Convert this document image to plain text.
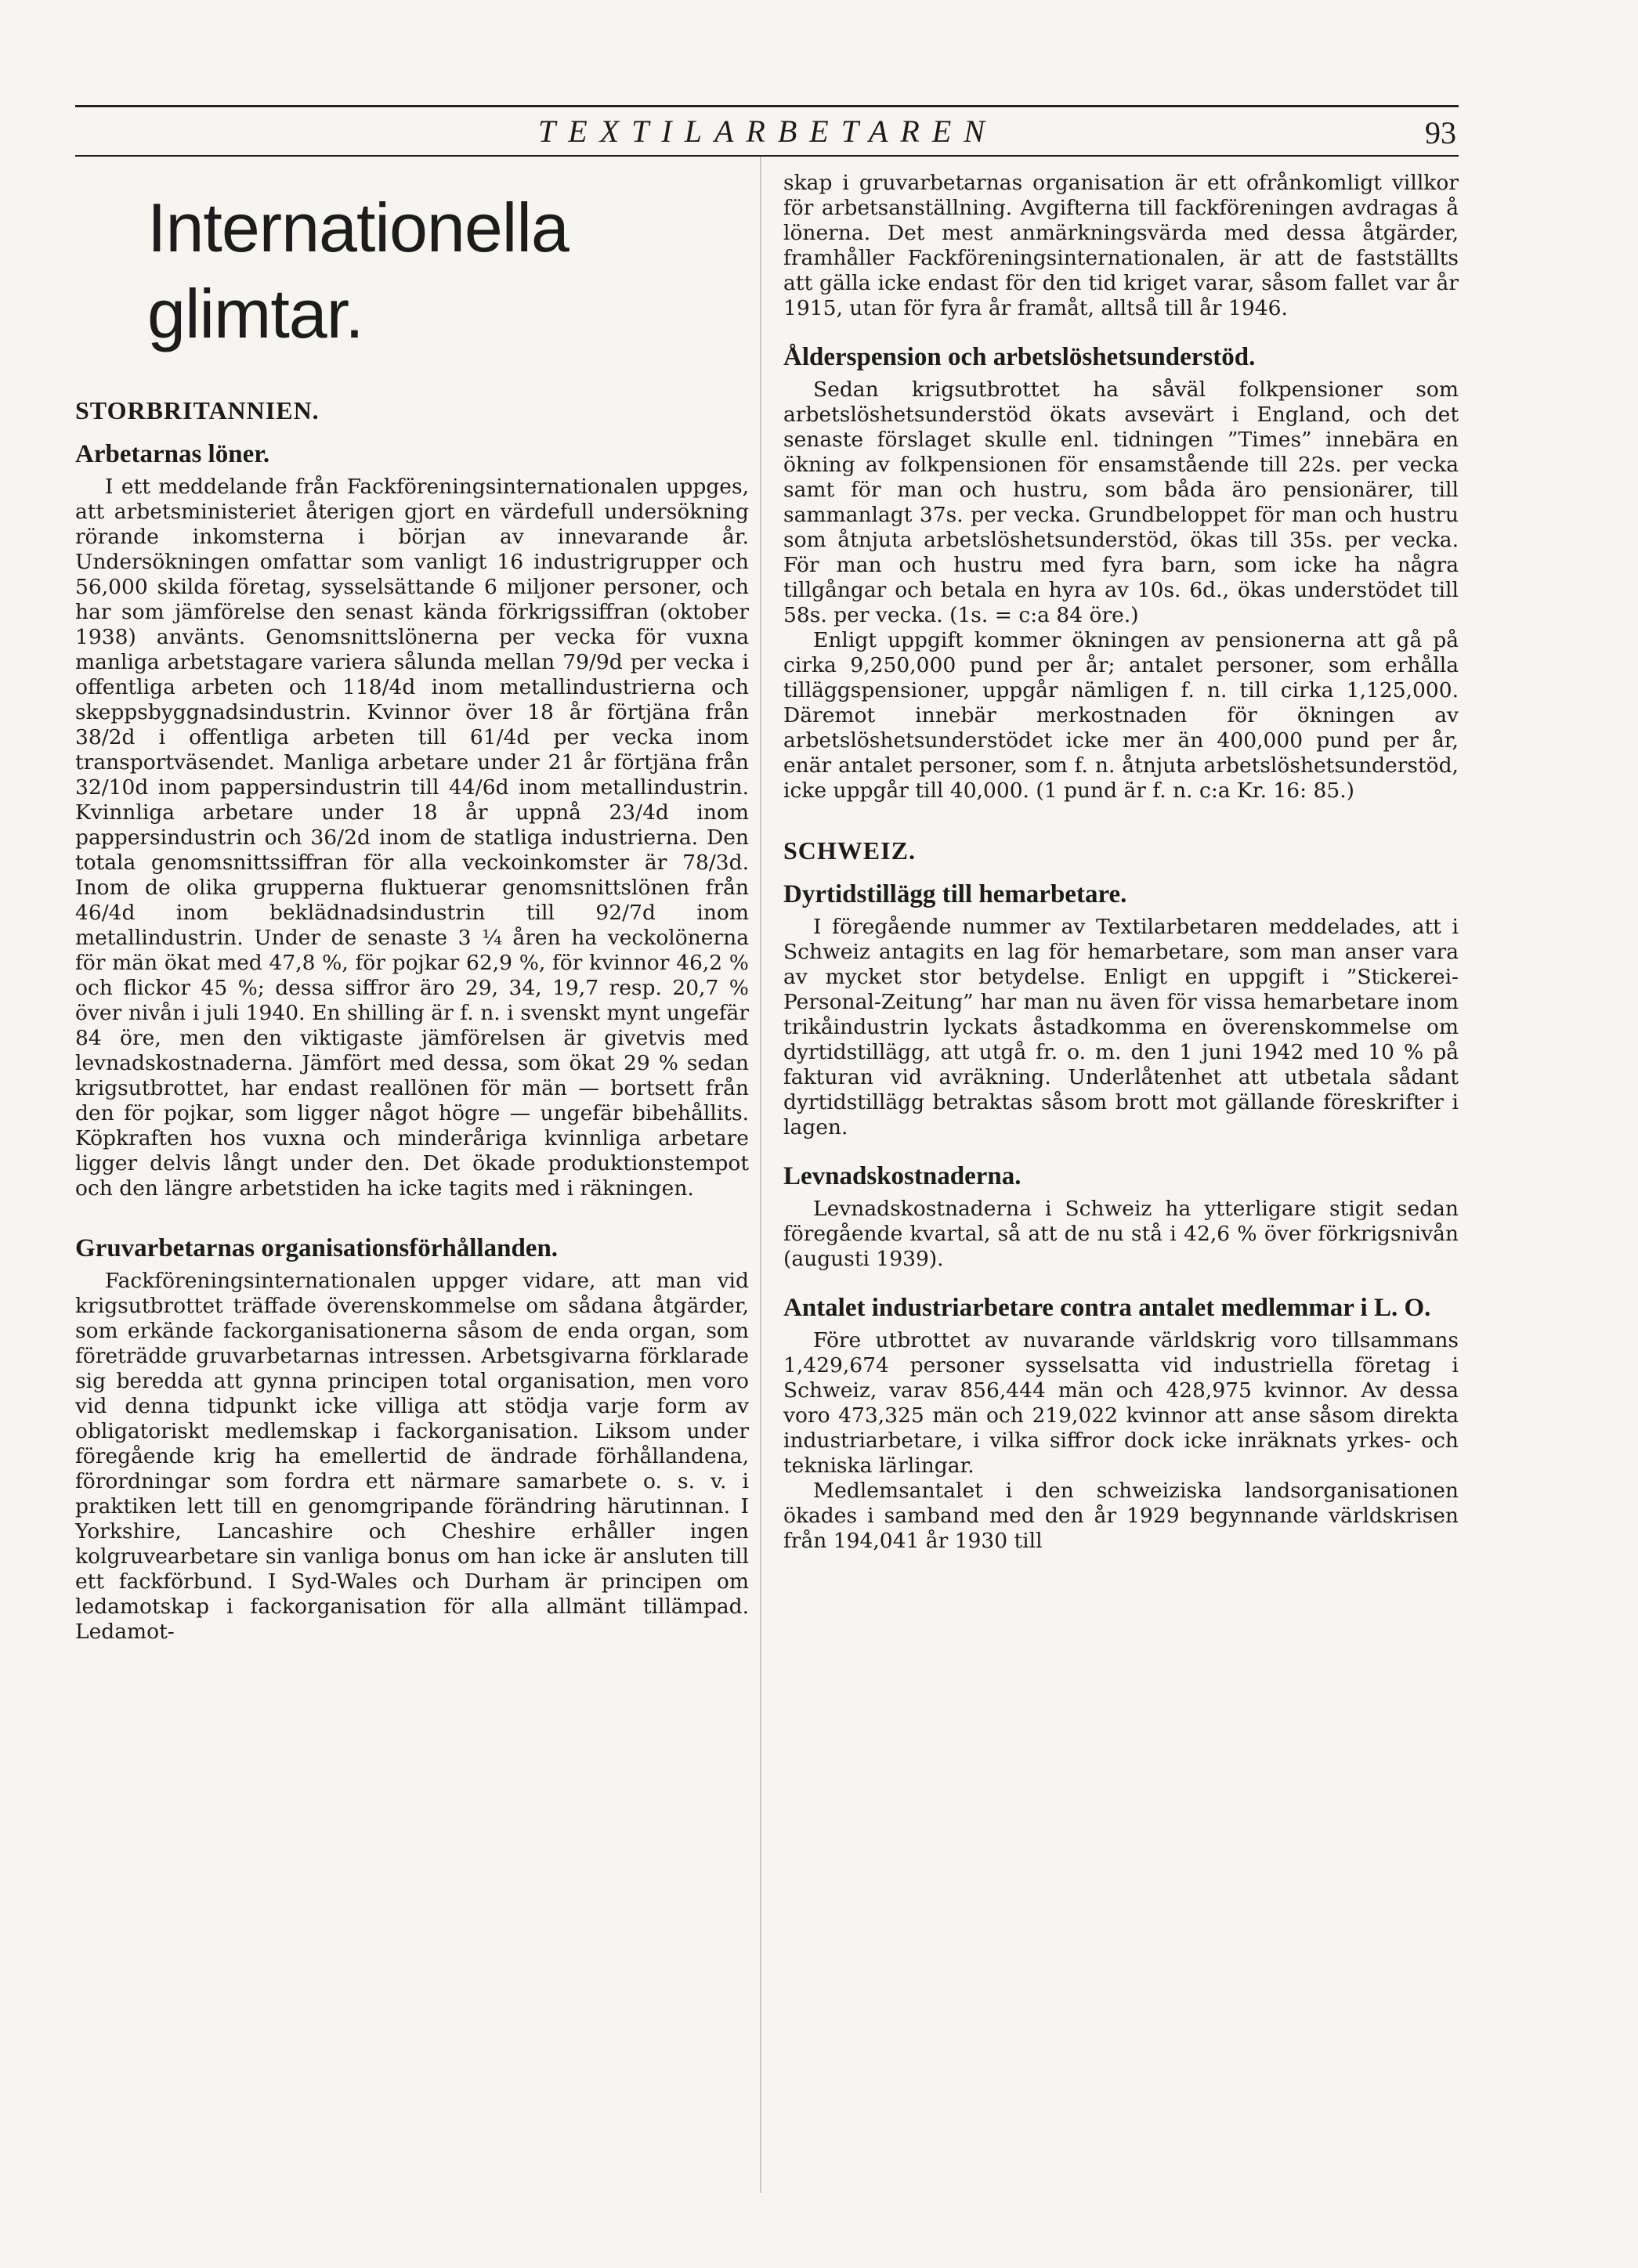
TEXTILARBETAREN	93
Internationella glimtar.
STORBRITANNIEN.
Arbetarnas löner.

I ett meddelande från Fackföreningsinternationalen uppges, att arbetsministeriet återigen gjort en värdefull undersökning rörande inkomsterna i början av innevarande år. Undersökningen omfattar som vanligt 16 industrigrupper och 56,000 skilda företag, sysselsättande 6 miljoner personer, och har som jämförelse den senast kända förkrigssiffran (oktober 1938) använts. Genomsnittslönerna per vecka för vuxna manliga arbetstagare variera sålunda mellan 79/9d per vecka i offentliga arbeten och 118/4d inom metallindustrierna och skeppsbyggnadsindustrin. Kvinnor över 18 år förtjäna från 38/2d i offentliga arbeten till 61/4d per vecka inom transportväsendet. Manliga arbetare under 21 år förtjäna från 32/10d inom pappersindustrin till 44/6d inom metallindustrin. Kvinnliga arbetare under 18 år uppnå 23/4d inom pappersindustrin och 36/2d inom de statliga industrierna. Den totala genomsnittssiffran för alla veckoinkomster är 78/3d. Inom de olika grupperna fluktuerar genomsnittslönen från 46/4d inom beklädnadsindustrin till 92/7d inom metallindustrin. Under de senaste 3 ¼ åren ha veckolönerna för män ökat med 47,8 %, för pojkar 62,9 %, för kvinnor 46,2 % och flickor 45 %; dessa siffror äro 29, 34, 19,7 resp. 20,7 % över nivån i juli 1940. En shilling är f. n. i svenskt mynt ungefär 84 öre, men den viktigaste jämförelsen är givetvis med levnadskostnaderna. Jämfört med dessa, som ökat 29 % sedan krigsutbrottet, har endast reallönen för män — bortsett från den för pojkar, som ligger något högre — ungefär bibehållits. Köpkraften hos vuxna och minderåriga kvinnliga arbetare ligger delvis långt under den. Det ökade produktionstempot och den längre arbetstiden ha icke tagits med i räkningen.

Gruvarbetarnas organisationsförhållanden.

Fackföreningsinternationalen uppger vidare, att man vid krigsutbrottet träffade överenskommelse om sådana åtgärder, som erkände fackorganisationerna såsom de enda organ, som företrädde gruvarbetarnas intressen. Arbetsgivarna förklarade sig beredda att gynna principen total organisation, men voro vid denna tidpunkt icke villiga att stödja varje form av obligatoriskt medlemskap i fackorganisation. Liksom under föregående krig ha emellertid de ändrade förhållandena, förordningar som fordra ett närmare samarbete o. s. v. i praktiken lett till en genomgripande förändring härutinnan. I Yorkshire, Lancashire och Cheshire erhåller ingen kolgruvearbetare sin vanliga bonus om han icke är ansluten till ett fackförbund. I Syd-Wales och Durham är principen om ledamotskap i fackorganisation för alla allmänt tillämpad. Ledamot-

skap i gruvarbetarnas organisation är ett ofrånkomligt villkor för arbetsanställning. Avgifterna till fackföreningen avdragas å lönerna. Det mest anmärkningsvärda med dessa åtgärder, framhåller Fackföreningsinternationalen, är att de fastställts att gälla icke endast för den tid kriget varar, såsom fallet var år 1915, utan för fyra år framåt, alltså till år 1946.

Ålderspension och arbetslöshetsunderstöd.

Sedan krigsutbrottet ha såväl folkpensioner som arbetslöshetsunderstöd ökats avsevärt i England, och det senaste förslaget skulle enl. tidningen ”Times” innebära en ökning av folkpensionen för ensamstående till 22s. per vecka samt för man och hustru, som båda äro pensionärer, till sammanlagt 37s. per vecka. Grundbeloppet för man och hustru som åtnjuta arbetslöshetsunderstöd, ökas till 35s. per vecka. För man och hustru med fyra barn, som icke ha några tillgångar och betala en hyra av 10s. 6d., ökas understödet till 58s. per vecka. (1s. = c:a 84 öre.)

Enligt uppgift kommer ökningen av pensionerna att gå på cirka 9,250,000 pund per år; antalet personer, som erhålla tilläggspensioner, uppgår nämligen f. n. till cirka 1,125,000. Däremot innebär merkostnaden för ökningen av arbetslöshetsunderstödet icke mer än 400,000 pund per år, enär antalet personer, som f. n. åtnjuta arbetslöshetsunderstöd, icke uppgår till 40,000. (1 pund är f. n. c:a Kr. 16: 85.)

SCHWEIZ.
Dyrtidstillägg till hemarbetare.

I föregående nummer av Textilarbetaren meddelades, att i Schweiz antagits en lag för hemarbetare, som man anser vara av mycket stor betydelse. Enligt en uppgift i ”Stickerei-Personal-Zeitung” har man nu även för vissa hemarbetare inom trikåindustrin lyckats åstadkomma en överenskommelse om dyrtidstillägg, att utgå fr. o. m. den 1 juni 1942 med 10 % på fakturan vid avräkning. Underlåtenhet att utbetala sådant dyrtidstillägg betraktas såsom brott mot gällande föreskrifter i lagen.

Levnadskostnaderna.

Levnadskostnaderna i Schweiz ha ytterligare stigit sedan föregående kvartal, så att de nu stå i 42,6 % över förkrigsnivån (augusti 1939).

Antalet industriarbetare contra antalet medlemmar i L. O.

Före utbrottet av nuvarande världskrig voro tillsammans 1,429,674 personer sysselsatta vid industriella företag i Schweiz, varav 856,444 män och 428,975 kvinnor. Av dessa voro 473,325 män och 219,022 kvinnor att anse såsom direkta industriarbetare, i vilka siffror dock icke inräknats yrkes- och tekniska lärlingar.

Medlemsantalet i den schweiziska landsorganisationen ökades i samband med den år 1929 begynnande världskrisen från 194,041 år 1930 till
